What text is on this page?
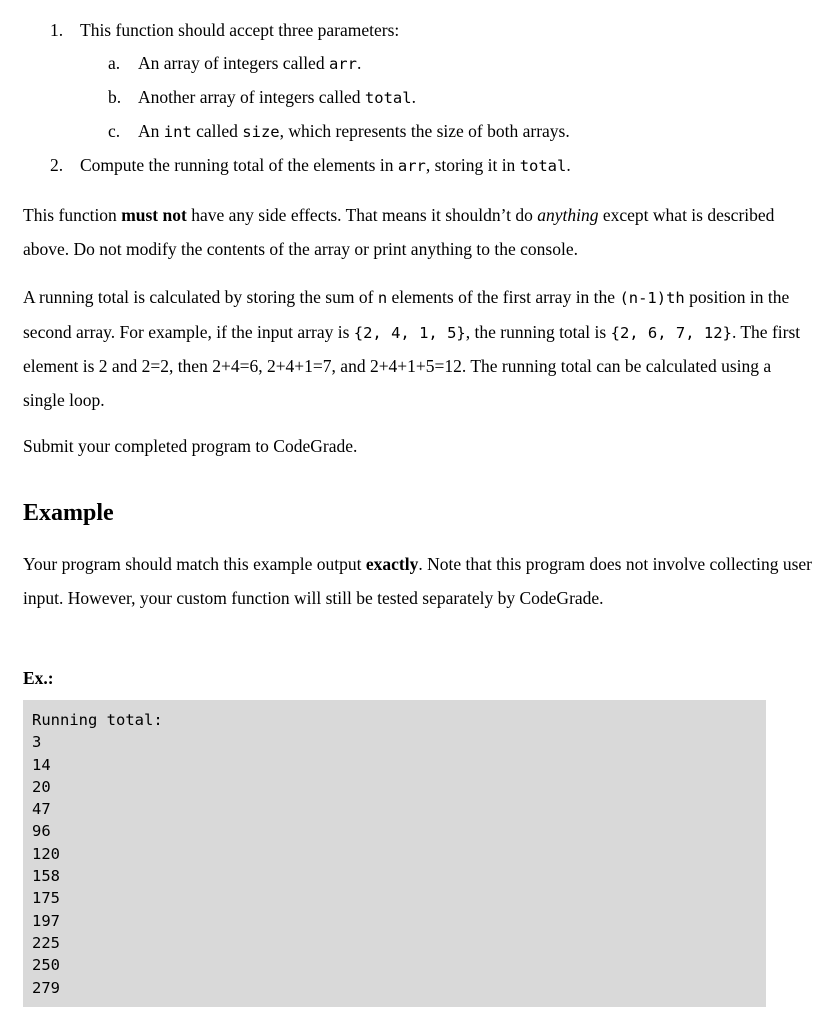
1. This function should accept three parameters:
a. An array of integers called arr.
b. Another array of integers called total.
c. An int called size, which represents the size of both arrays.
2. Compute the running total of the elements in arr, storing it in total.
This function must not have any side effects. That means it shouldn’t do anything except what is described above. Do not modify the contents of the array or print anything to the console.
A running total is calculated by storing the sum of n elements of the first array in the (n-1)th position in the second array. For example, if the input array is {2, 4, 1, 5}, the running total is {2, 6, 7, 12}. The first element is 2 and 2=2, then 2+4=6, 2+4+1=7, and 2+4+1+5=12. The running total can be calculated using a single loop.
Submit your completed program to CodeGrade.
Example
Your program should match this example output exactly. Note that this program does not involve collecting user input. However, your custom function will still be tested separately by CodeGrade.
Ex.:
Running total:
3
14
20
47
96
120
158
175
197
225
250
279
